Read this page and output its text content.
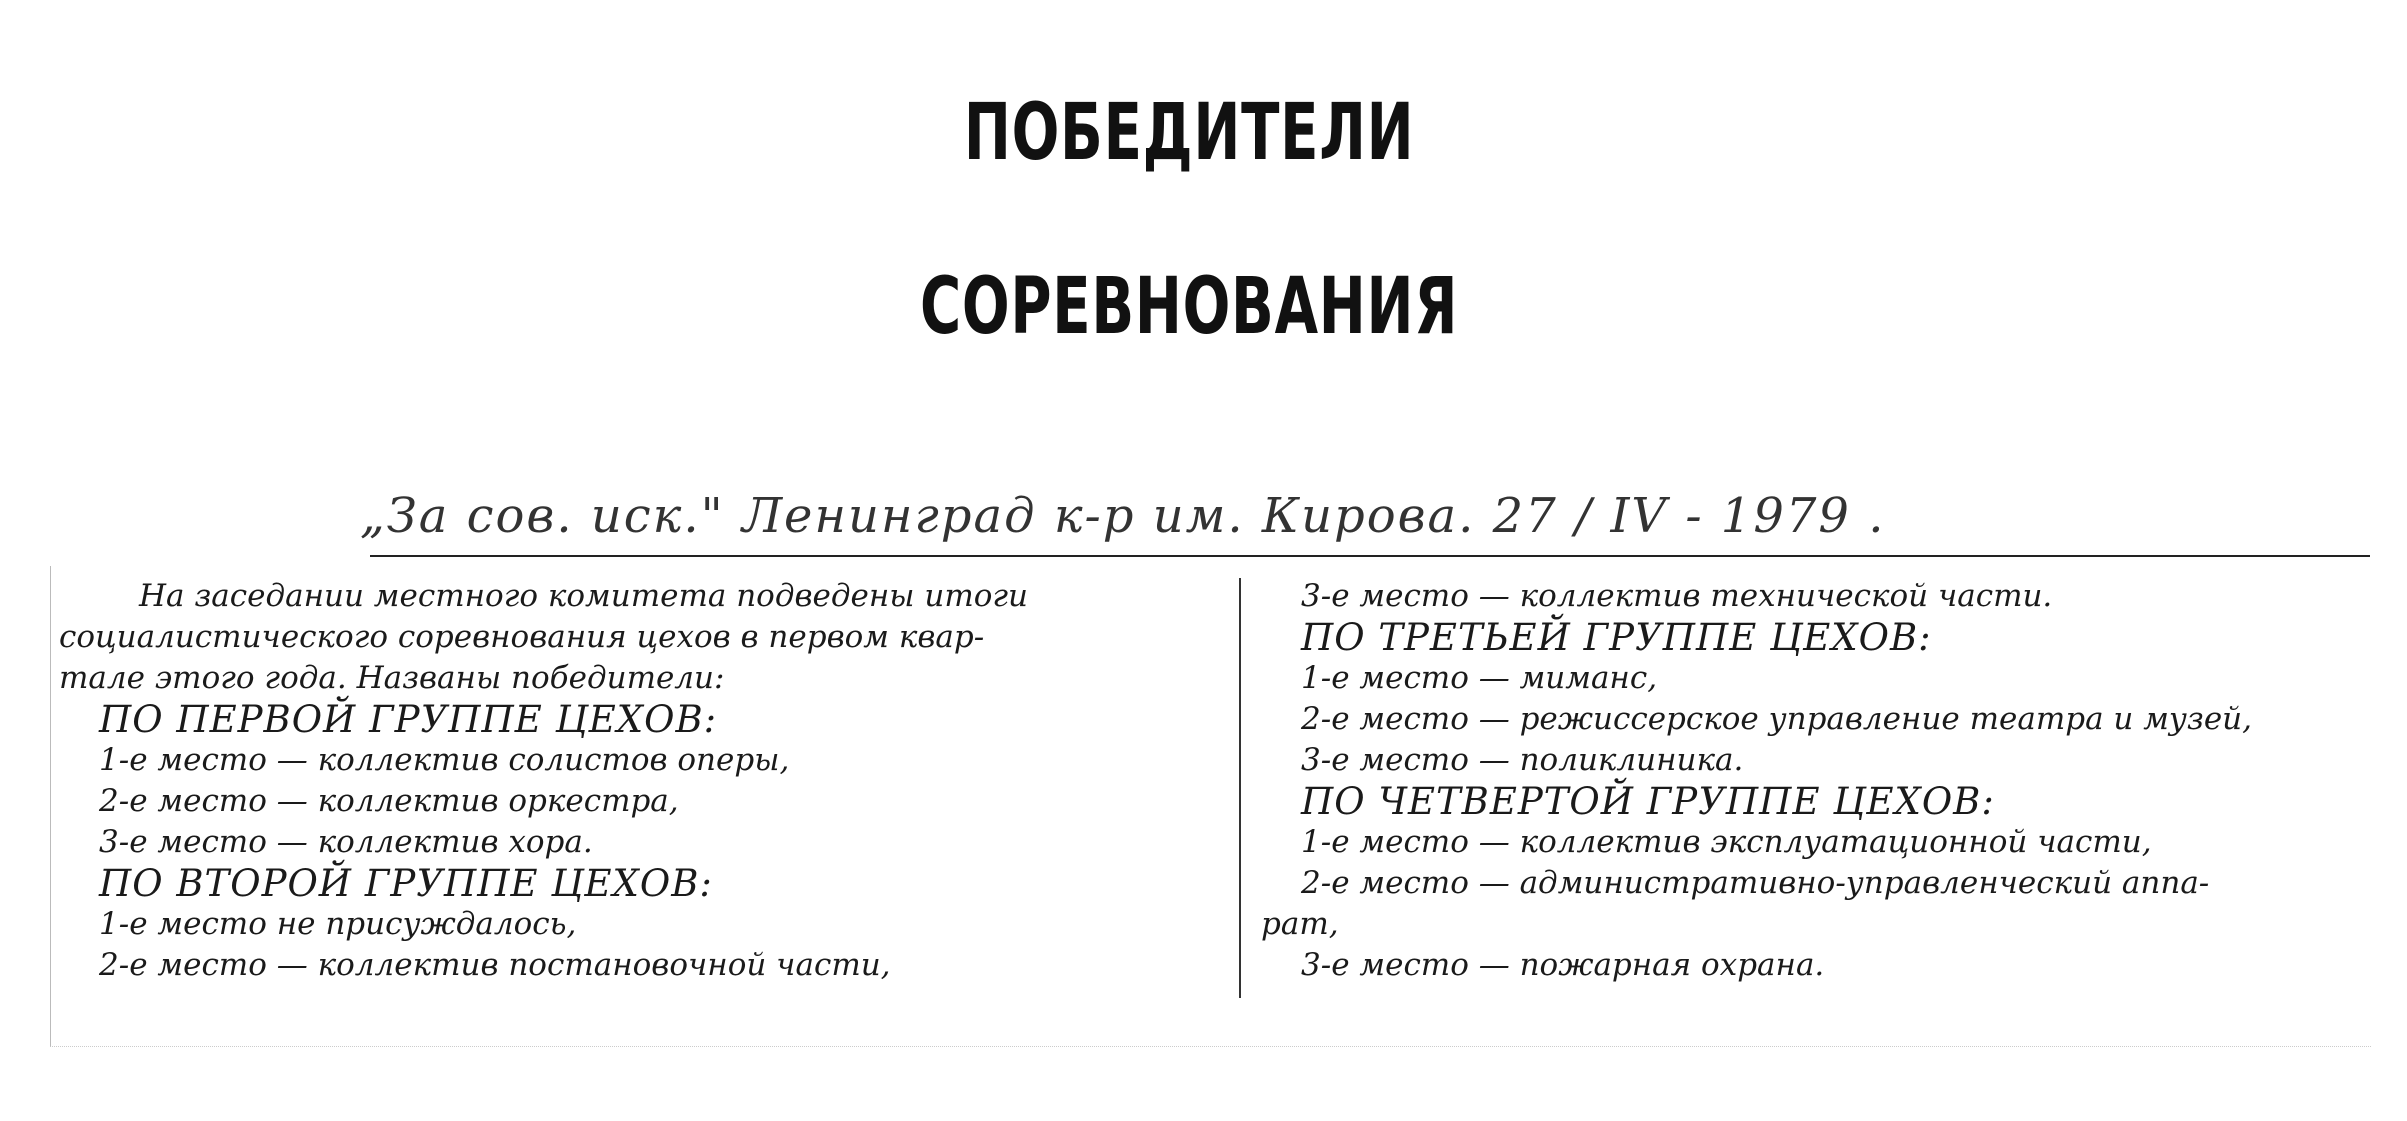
ПОБЕДИТЕЛИ
СОРЕВНОВАНИЯ
„За сов. иск." Ленинград к-р им. Кирова. 27 / IV - 1979 .
На заседании местного комитета подведены итоги
социалистического соревнования цехов в первом квар-
тале этого года. Названы победители:
ПО ПЕРВОЙ ГРУППЕ ЦЕХОВ:
1-е место — коллектив солистов оперы,
2-е место — коллектив оркестра,
3-е место — коллектив хора.
ПО ВТОРОЙ ГРУППЕ ЦЕХОВ:
1-е место не присуждалось,
2-е место — коллектив постановочной части,
3-е место — коллектив технической части.
ПО ТРЕТЬЕЙ ГРУППЕ ЦЕХОВ:
1-е место — миманс,
2-е место — режиссерское управление театра и музей,
3-е место — поликлиника.
ПО ЧЕТВЕРТОЙ ГРУППЕ ЦЕХОВ:
1-е место — коллектив эксплуатационной части,
2-е место — административно-управленческий аппа-
рат,
3-е место — пожарная охрана.
